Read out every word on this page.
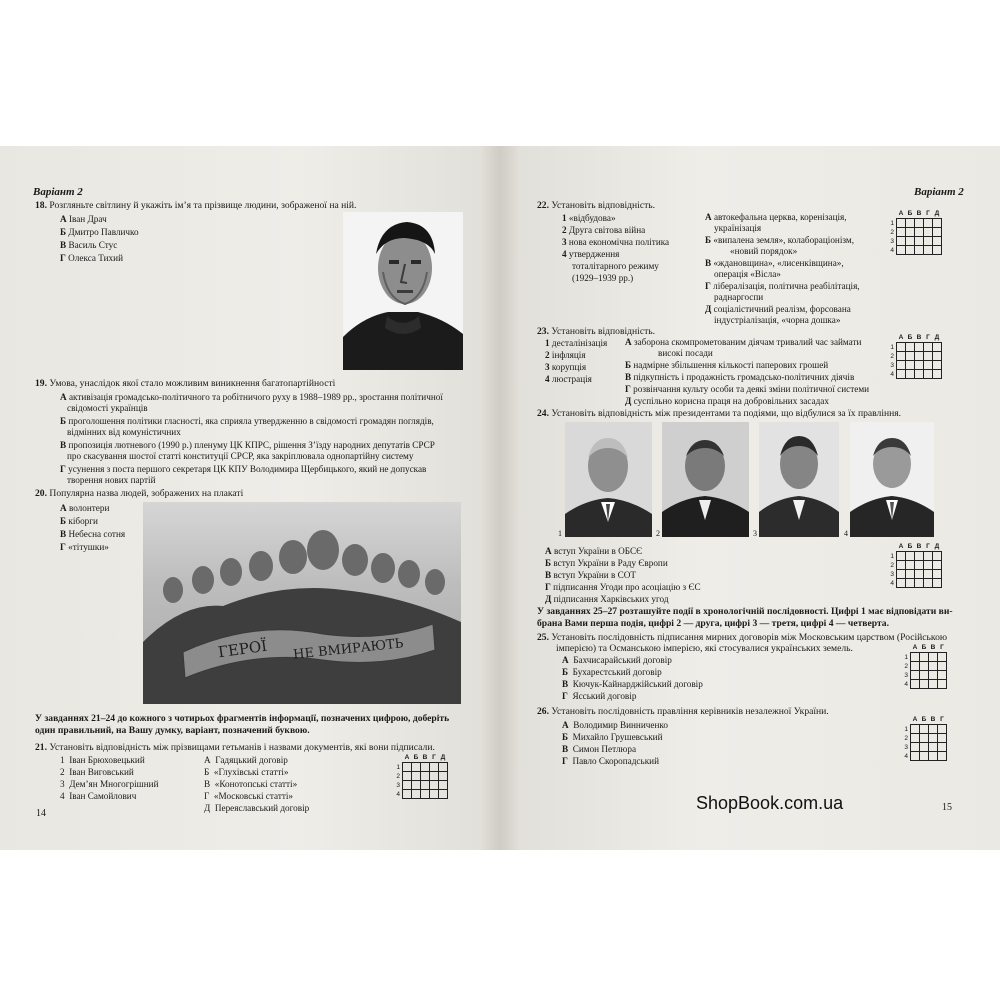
Варіант 2
18. Розгляньте світлину й укажіть ім’я та прізвище людини, зображеної на ній.
А Іван Драч
Б Дмитро Павличко
В Василь Стус
Г Олекса Тихий
19. Умова, унаслідок якої стало можливим виникнення багатопартійності
А активізація громадсько-політичного та робітничого руху в 1988–1989 рр., зростання політичної
свідомості українців
Б проголошення політики гласності, яка сприяла утвердженню в свідомості громадян поглядів,
відмінних від комуністичних
В пропозиція лютневого (1990 р.) пленуму ЦК КПРС, рішення З’їзду народних депутатів СРСР
про скасування шостої статті конституції СРСР, яка закріплювала однопартійну систему
Г усунення з поста першого секретаря ЦК КПУ Володимира Щербицького, який не допускав
творення нових партій
20. Популярна назва людей, зображених на плакаті
А волонтери
Б кіборги
В Небесна сотня
Г «тітушки»
ГЕРОЇ НЕ ВМИРАЮТЬ
У завданнях 21–24 до кожного з чотирьох фрагментів інформації, позначених цифрою, доберіть
один правильний, на Вашу думку, варіант, позначений буквою.
21. Установіть відповідність між прізвищами гетьманів і назвами документів, які вони підписали.
1 Іван Брюховецький
2 Іван Виговський
3 Дем’ян Многогрішний
4 Іван Самойлович
А Гадяцький договір
Б «Глухівські статті»
В «Конотопські статті»
Г «Московські статті»
Д Переяславський договір
	А	Б	В	Г	Д
1					
2					
3					
4					
14
Варіант 2
22. Установіть відповідність.
1 «відбудова»
2 Друга світова війна
3 нова економічна політика
4 утвердження
тоталітарного режиму
(1929–1939 рр.)
А автокефальна церква, коренізація,
українізація
Б «випалена земля», колабораціонізм,
«новий порядок»
В «ждановщина», «лисенківщина»,
операція «Вісла»
Г лібералізація, політична реабілітація,
раднаргоспи
Д соціалістичний реалізм, форсована
індустріалізація, «чорна дошка»
	А	Б	В	Г	Д
1					
2					
3					
4					
23. Установіть відповідність.
1 десталінізація
2 інфляція
3 корупція
4 люстрація
А заборона скомпрометованим діячам тривалий час займати
високі посади
Б надмірне збільшення кількості паперових грошей
В підкупність і продажність громадсько-політичних діячів
Г розвінчання культу особи та деякі зміни політичної системи
Д суспільно корисна праця на добровільних засадах
	А	Б	В	Г	Д
1					
2					
3					
4					
24. Установіть відповідність між президентами та подіями, що відбулися за їх правління.
1	2	3	4
А вступ України в ОБСЄ
Б вступ України в Раду Європи
В вступ України в СОТ
Г підписання Угоди про асоціацію з ЄС
Д підписання Харківських угод
	А	Б	В	Г	Д
1					
2					
3					
4					
У завданнях 25–27 розташуйте події в хронологічній послідовності. Цифрі 1 має відповідати ви-
брана Вами перша подія, цифрі 2 — друга, цифрі 3 — третя, цифрі 4 — четверта.
25. Установіть послідовність підписання мирних договорів між Московським царством (Російською
імперією) та Османською імперією, які стосувалися українських земель.
А Бахчисарайський договір
Б Бухарестський договір
В Кючук-Кайнарджійський договір
Г Ясський договір
	А	Б	В	Г
1				
2				
3				
4				
26. Установіть послідовність правління керівників незалежної України.
А Володимир Винниченко
Б Михайло Грушевський
В Симон Петлюра
Г Павло Скоропадський
	А	Б	В	Г
1				
2				
3				
4				
15
ShopBook.com.ua
